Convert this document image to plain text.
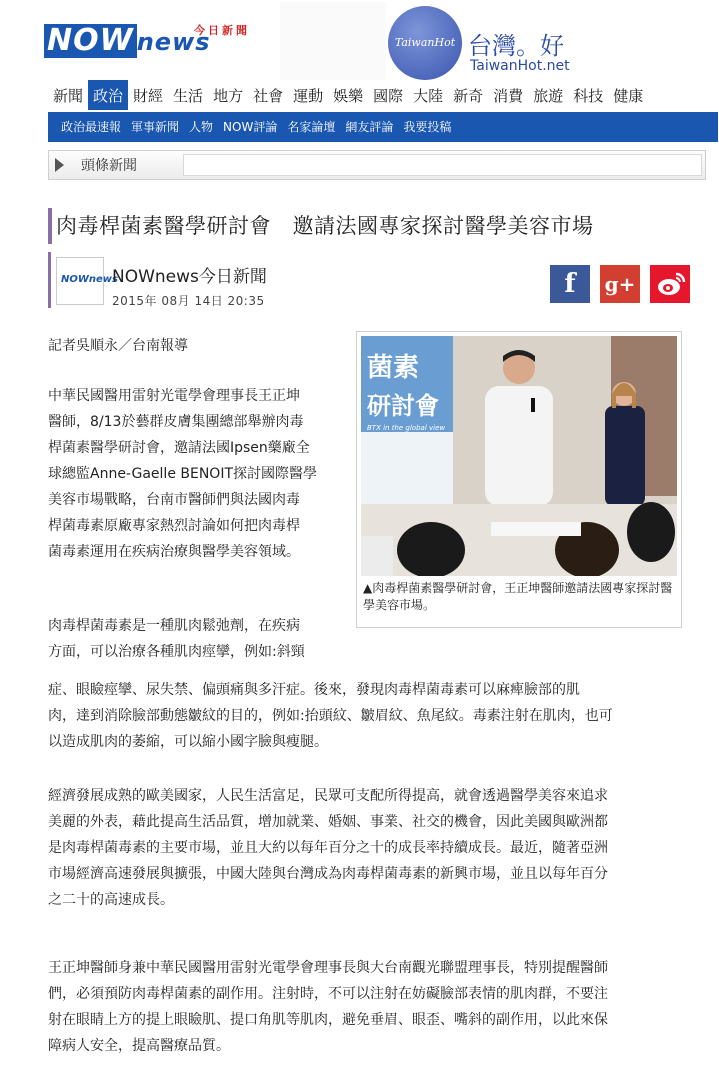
NOW news
今日新聞
TaiwanHot 台灣。好
TaiwanHot.net
新聞 政治 財經 生活 地方 社會 運動 娛樂 國際 大陸 新奇 消費 旅遊 科技 健康
政治最速報 軍事新聞 人物 NOW評論 名家論壇 網友評論 我要投稿
頭條新聞
肉毒桿菌素醫學研討會　邀請法國專家探討醫學美容市場
NOWnews
NOWnews今日新聞
2015年 08月 14日 20:35
f	g+
記者吳順永／台南報導
中華民國醫用雷射光電學會理事長王正坤
醫師，8/13於藝群皮膚集團總部舉辦肉毒
桿菌素醫學研討會，邀請法國Ipsen藥廠全
球總監Anne-Gaelle BENOIT探討國際醫學
美容市場戰略，台南市醫師們與法國肉毒
桿菌毒素原廠專家熱烈討論如何把肉毒桿
菌毒素運用在疾病治療與醫學美容領域。
肉毒桿菌毒素是一種肌肉鬆弛劑，在疾病
方面，可以治療各種肌肉痙攣，例如:斜頸
症、眼瞼痙攣、尿失禁、偏頭痛與多汗症。後來，發現肉毒桿菌毒素可以麻痺臉部的肌
肉，達到消除臉部動態皺紋的目的，例如:抬頭紋、皺眉紋、魚尾紋。毒素注射在肌肉，也可
以造成肌肉的萎縮，可以縮小國字臉與瘦腿。
經濟發展成熟的歐美國家，人民生活富足，民眾可支配所得提高，就會透過醫學美容來追求
美麗的外表，藉此提高生活品質，增加就業、婚姻、事業、社交的機會，因此美國與歐洲都
是肉毒桿菌毒素的主要市場，並且大約以每年百分之十的成長率持續成長。最近，隨著亞洲
市場經濟高速發展與擴張，中國大陸與台灣成為肉毒桿菌毒素的新興市場，並且以每年百分
之二十的高速成長。
王正坤醫師身兼中華民國醫用雷射光電學會理事長與大台南觀光聯盟理事長，特別提醒醫師
們，必須預防肉毒桿菌素的副作用。注射時，不可以注射在妨礙臉部表情的肌肉群，不要注
射在眼睛上方的提上眼瞼肌、提口角肌等肌肉，避免垂眉、眼歪、嘴斜的副作用，以此來保
障病人安全，提高醫療品質。
菌素
研討會
BTX in the global view
▲肉毒桿菌素醫學研討會，王正坤醫師邀請法國專家探討醫學美容市場。
